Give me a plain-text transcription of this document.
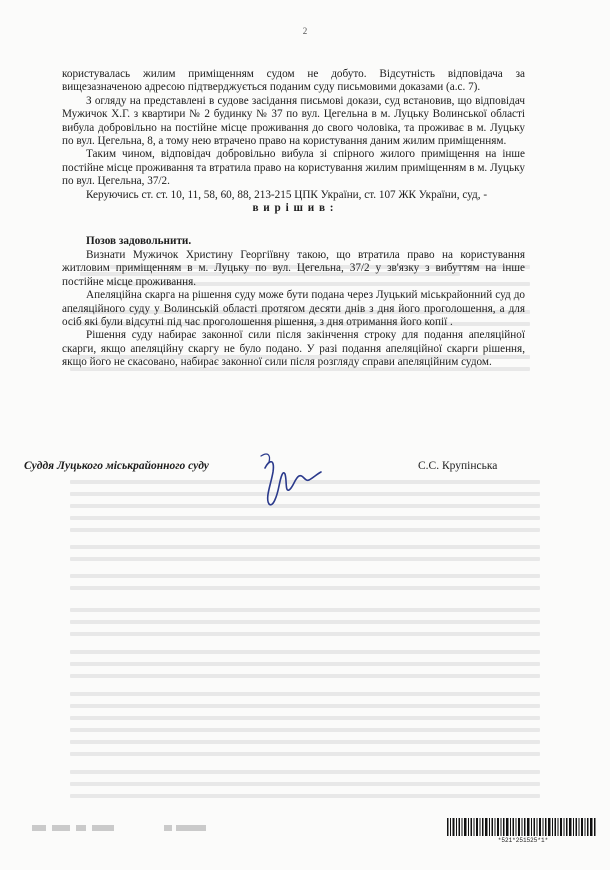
2

користувалась жилим приміщенням судом не добуто. Відсутність відповідача за вищезазначеною адресою підтверджується поданим суду письмовими доказами (а.с. 7).

З огляду на представлені в судове засідання письмові докази, суд встановив, що відповідач Мужичок Х.Г. з квартири № 2 будинку № 37 по вул. Цегельна в м. Луцьку Волинської області вибула добровільно на постійне місце проживання до свого чоловіка, та проживає в м. Луцьку по вул. Цегельна, 8, а тому нею втрачено право на користування даним жилим приміщенням.

Таким чином, відповідач добровільно вибула зі спірного жилого приміщення на інше постійне місце проживання та втратила право на користування жилим приміщенням в м. Луцьку по вул. Цегельна, 37/2.

Керуючись ст. ст. 10, 11, 58, 60, 88, 213-215 ЦПК України, ст. 107 ЖК України, суд, -

в и р і ш и в :

Позов задовольнити.

Визнати Мужичок Христину Георгіївну такою, що втратила право на користування житловим приміщенням в м. Луцьку по вул. Цегельна, 37/2 у зв'язку з вибуттям на інше постійне місце проживання.

Апеляційна скарга на рішення суду може бути подана через Луцький міськрайонний суд до апеляційного суду у Волинській області протягом десяти днів з дня його проголошення, а для осіб які були відсутні під час проголошення рішення, з дня отримання його копії .

Рішення суду набирає законної сили після закінчення строку для подання апеляційної скарги, якщо апеляційну скаргу не було подано. У разі подання апеляційної скарги рішення, якщо його не скасовано, набирає законної сили після розгляду справи апеляційним судом.

Суддя Луцького міськрайонного суду	С.С. Крупінська
*521*251525*1*
